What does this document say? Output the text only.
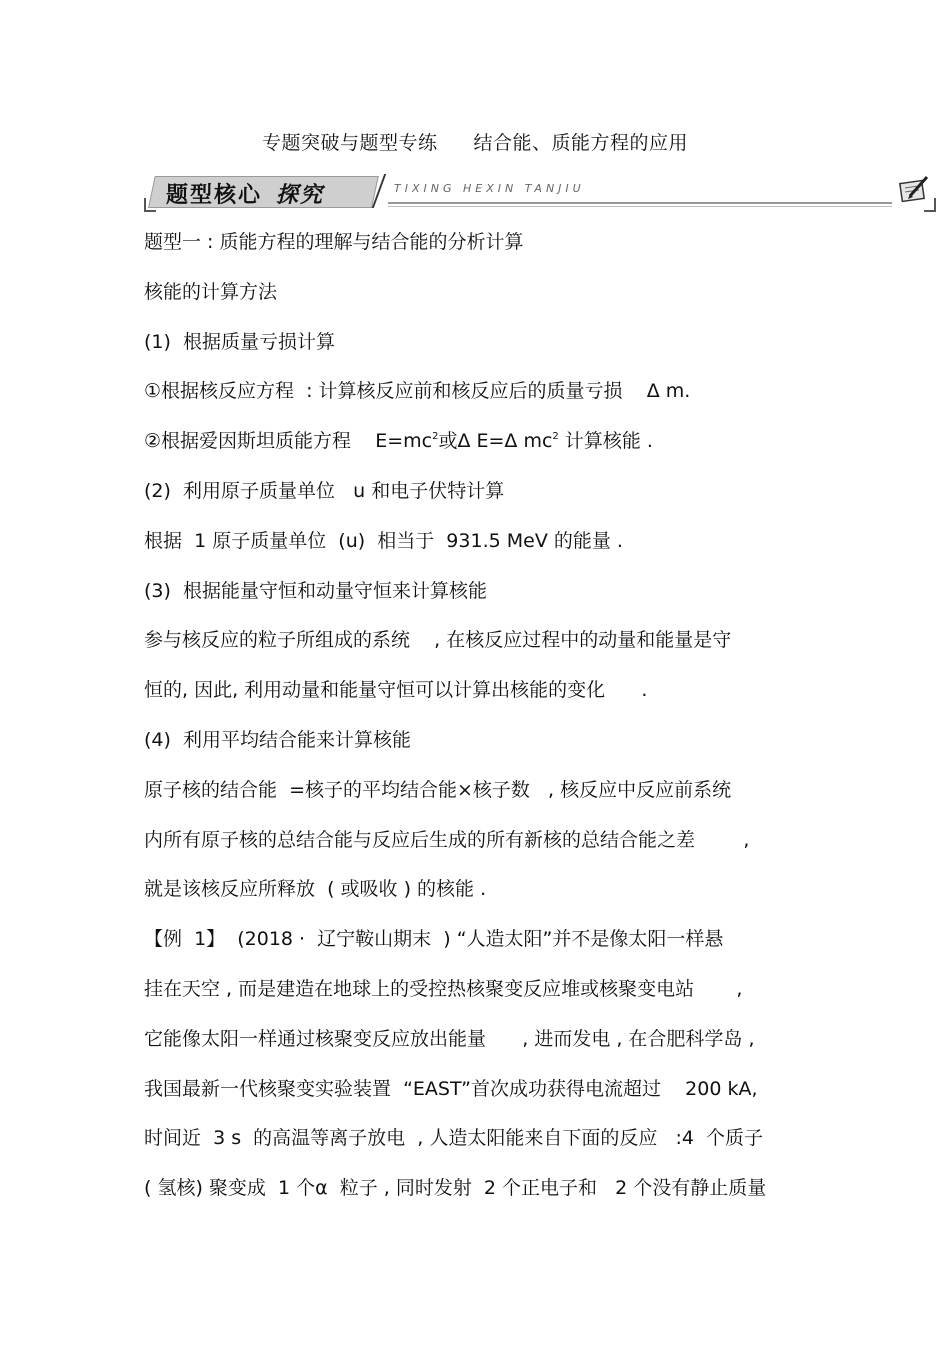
专题突破与题型专练 结合能、质能方程的应用
题型核心 探究	TIXING HEXIN TANJIU
题型一 : 质能方程的理解与结合能的分析计算
核能的计算方法
(1)  根据质量亏损计算
①根据核反应方程  : 计算核反应前和核反应后的质量亏损    Δ m.
②根据爱因斯坦质能方程    $E=mc^2$或Δ E=Δ $mc^2$ 计算核能 .
(2)  利用原子质量单位   u 和电子伏特计算
根据  1 原子质量单位  (u)  相当于  931.5 MeV 的能量 .
(3)  根据能量守恒和动量守恒来计算核能
参与核反应的粒子所组成的系统    , 在核反应过程中的动量和能量是守
恒的, 因此, 利用动量和能量守恒可以计算出核能的变化      .
(4)  利用平均结合能来计算核能
原子核的结合能  =核子的平均结合能×核子数   , 核反应中反应前系统
内所有原子核的总结合能与反应后生成的所有新核的总结合能之差        ,
就是该核反应所释放  ( 或吸收 ) 的核能 .
【例  1】  (2018 ·  辽宁鞍山期末  ) “人造太阳”并不是像太阳一样悬
挂在天空 , 而是建造在地球上的受控热核聚变反应堆或核聚变电站       ,
它能像太阳一样通过核聚变反应放出能量      , 进而发电 , 在合肥科学岛 ,
我国最新一代核聚变实验装置  “EAST”首次成功获得电流超过    200 kA,
时间近  3 s  的高温等离子放电  , 人造太阳能来自下面的反应   :4  个质子
( 氢核) 聚变成  1 个α  粒子 , 同时发射  2 个正电子和   2 个没有静止质量
